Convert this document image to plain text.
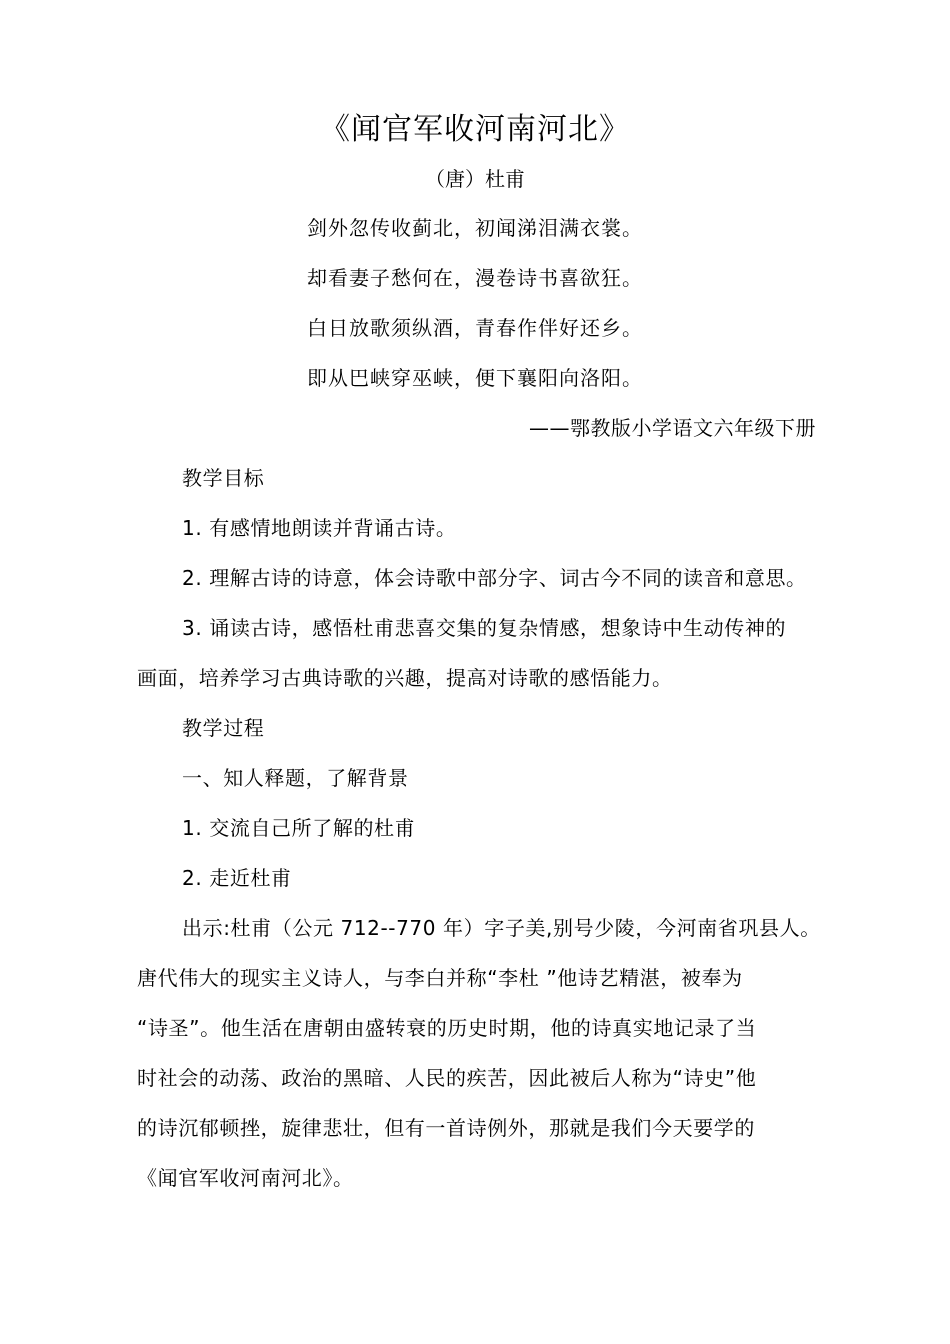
《闻官军收河南河北》
（唐）杜甫
剑外忽传收蓟北，初闻涕泪满衣裳。
却看妻子愁何在，漫卷诗书喜欲狂。
白日放歌须纵酒，青春作伴好还乡。
即从巴峡穿巫峡，便下襄阳向洛阳。
——鄂教版小学语文六年级下册
教学目标
1. 有感情地朗读并背诵古诗。
2. 理解古诗的诗意，体会诗歌中部分字、词古今不同的读音和意思。
3. 诵读古诗，感悟杜甫悲喜交集的复杂情感，想象诗中生动传神的
画面，培养学习古典诗歌的兴趣，提高对诗歌的感悟能力。
教学过程
一、知人释题，了解背景
1. 交流自己所了解的杜甫
2. 走近杜甫
出示:杜甫（公元 712--770 年）字子美,别号少陵，今河南省巩县人。
唐代伟大的现实主义诗人，与李白并称“李杜 ”他诗艺精湛，被奉为
“诗圣”。他生活在唐朝由盛转衰的历史时期，他的诗真实地记录了当
时社会的动荡、政治的黑暗、人民的疾苦，因此被后人称为“诗史”他
的诗沉郁顿挫，旋律悲壮，但有一首诗例外，那就是我们今天要学的
《闻官军收河南河北》。
